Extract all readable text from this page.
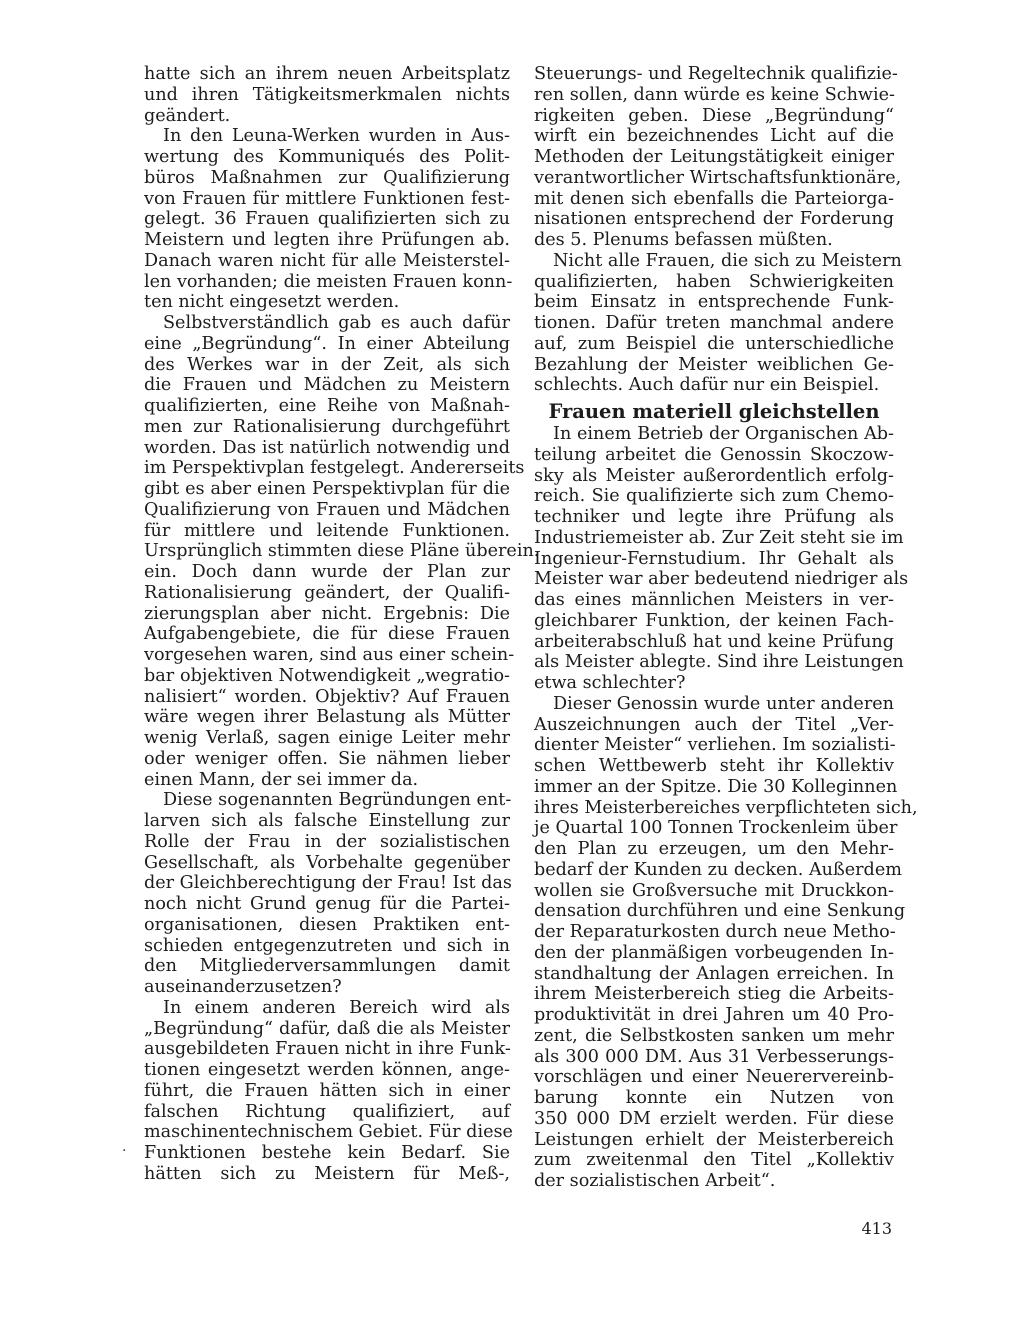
hatte sich an ihrem neuen Arbeitsplatz
und ihren Tätigkeitsmerkmalen nichts
geändert.
In den Leuna-Werken wurden in Aus-
wertung des Kommuniqués des Polit-
büros Maßnahmen zur Qualifizierung
von Frauen für mittlere Funktionen fest-
gelegt. 36 Frauen qualifizierten sich zu
Meistern und legten ihre Prüfungen ab.
Danach waren nicht für alle Meisterstel-
len vorhanden; die meisten Frauen konn-
ten nicht eingesetzt werden.
Selbstverständlich gab es auch dafür
eine „Begründung“. In einer Abteilung
des Werkes war in der Zeit, als sich
die Frauen und Mädchen zu Meistern
qualifizierten, eine Reihe von Maßnah-
men zur Rationalisierung durchgeführt
worden. Das ist natürlich notwendig und
im Perspektivplan festgelegt. Andererseits
gibt es aber einen Perspektivplan für die
Qualifizierung von Frauen und Mädchen
für mittlere und leitende Funktionen.
Ursprünglich stimmten diese Pläne überein.
ein. Doch dann wurde der Plan zur
Rationalisierung geändert, der Qualifi-
zierungsplan aber nicht. Ergebnis: Die
Aufgabengebiete, die für diese Frauen
vorgesehen waren, sind aus einer schein-
bar objektiven Notwendigkeit „wegratio-
nalisiert“ worden. Objektiv? Auf Frauen
wäre wegen ihrer Belastung als Mütter
wenig Verlaß, sagen einige Leiter mehr
oder weniger offen. Sie nähmen lieber
einen Mann, der sei immer da.
Diese sogenannten Begründungen ent-
larven sich als falsche Einstellung zur
Rolle der Frau in der sozialistischen
Gesellschaft, als Vorbehalte gegenüber
der Gleichberechtigung der Frau! Ist das
noch nicht Grund genug für die Partei-
organisationen, diesen Praktiken ent-
schieden entgegenzutreten und sich in
den Mitgliederversammlungen damit
auseinanderzusetzen?
In einem anderen Bereich wird als
„Begründung“ dafür, daß die als Meister
ausgebildeten Frauen nicht in ihre Funk-
tionen eingesetzt werden können, ange-
führt, die Frauen hätten sich in einer
falschen Richtung qualifiziert, auf
maschinentechnischem Gebiet. Für diese
Funktionen bestehe kein Bedarf. Sie
hätten sich zu Meistern für Meß-,
Steuerungs- und Regeltechnik qualifizie-
ren sollen, dann würde es keine Schwie-
rigkeiten geben. Diese „Begründung“
wirft ein bezeichnendes Licht auf die
Methoden der Leitungstätigkeit einiger
verantwortlicher Wirtschaftsfunktionäre,
mit denen sich ebenfalls die Parteiorga-
nisationen entsprechend der Forderung
des 5. Plenums befassen müßten.
Nicht alle Frauen, die sich zu Meistern
qualifizierten, haben Schwierigkeiten
beim Einsatz in entsprechende Funk-
tionen. Dafür treten manchmal andere
auf, zum Beispiel die unterschiedliche
Bezahlung der Meister weiblichen Ge-
schlechts. Auch dafür nur ein Beispiel.
Frauen materiell gleichstellen
In einem Betrieb der Organischen Ab-
teilung arbeitet die Genossin Skoczow-
sky als Meister außerordentlich erfolg-
reich. Sie qualifizierte sich zum Chemo-
techniker und legte ihre Prüfung als
Industriemeister ab. Zur Zeit steht sie im
Ingenieur-Fernstudium. Ihr Gehalt als
Meister war aber bedeutend niedriger als
das eines männlichen Meisters in ver-
gleichbarer Funktion, der keinen Fach-
arbeiterabschluß hat und keine Prüfung
als Meister ablegte. Sind ihre Leistungen
etwa schlechter?
Dieser Genossin wurde unter anderen
Auszeichnungen auch der Titel „Ver-
dienter Meister“ verliehen. Im sozialisti-
schen Wettbewerb steht ihr Kollektiv
immer an der Spitze. Die 30 Kolleginnen
ihres Meisterbereiches verpflichteten sich,
je Quartal 100 Tonnen Trockenleim über
den Plan zu erzeugen, um den Mehr-
bedarf der Kunden zu decken. Außerdem
wollen sie Großversuche mit Druckkon-
densation durchführen und eine Senkung
der Reparaturkosten durch neue Metho-
den der planmäßigen vorbeugenden In-
standhaltung der Anlagen erreichen. In
ihrem Meisterbereich stieg die Arbeits-
produktivität in drei Jahren um 40 Pro-
zent, die Selbstkosten sanken um mehr
als 300 000 DM. Aus 31 Verbesserungs-
vorschlägen und einer Neuerervereinb-
barung konnte ein Nutzen von
350 000 DM erzielt werden. Für diese
Leistungen erhielt der Meisterbereich
zum zweitenmal den Titel „Kollektiv
der sozialistischen Arbeit“.
·
413
